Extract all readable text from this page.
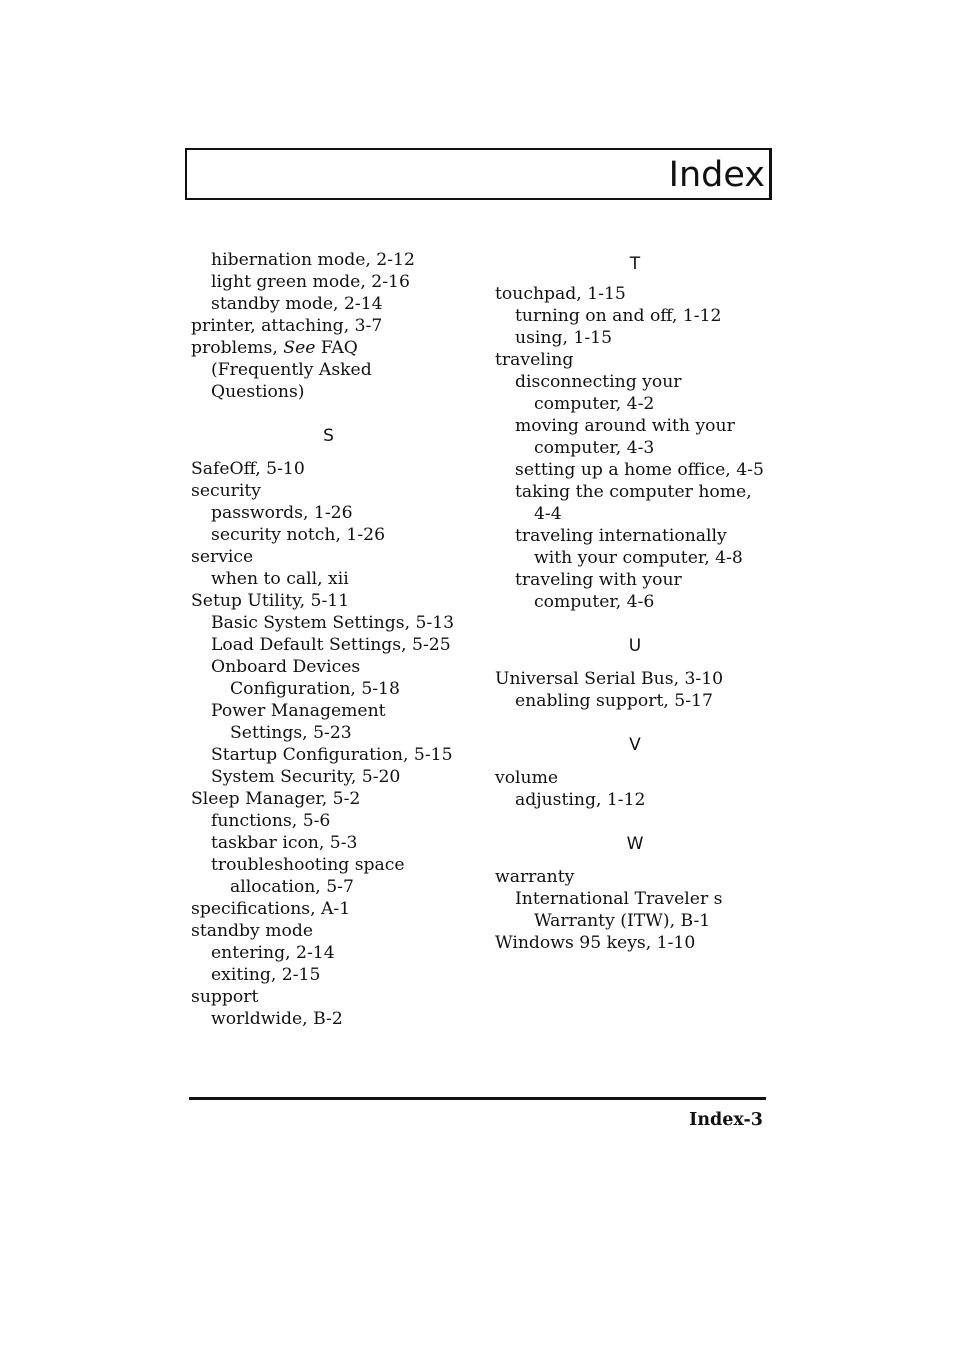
Index
hibernation mode, 2-12
light green mode, 2-16
standby mode, 2-14
printer, attaching, 3-7
problems, See FAQ
(Frequently Asked
Questions)
S
SafeOff, 5-10
security
passwords, 1-26
security notch, 1-26
service
when to call, xii
Setup Utility, 5-11
Basic System Settings, 5-13
Load Default Settings, 5-25
Onboard Devices
Configuration, 5-18
Power Management
Settings, 5-23
Startup Configuration, 5-15
System Security, 5-20
Sleep Manager, 5-2
functions, 5-6
taskbar icon, 5-3
troubleshooting space
allocation, 5-7
specifications, A-1
standby mode
entering, 2-14
exiting, 2-15
support
worldwide, B-2
T
touchpad, 1-15
turning on and off, 1-12
using, 1-15
traveling
disconnecting your
computer, 4-2
moving around with your
computer, 4-3
setting up a home office, 4-5
taking the computer home,
4-4
traveling internationally
with your computer, 4-8
traveling with your
computer, 4-6
U
Universal Serial Bus, 3-10
enabling support, 5-17
V
volume
adjusting, 1-12
W
warranty
International Traveler s
Warranty (ITW), B-1
Windows 95 keys, 1-10
Index-3
